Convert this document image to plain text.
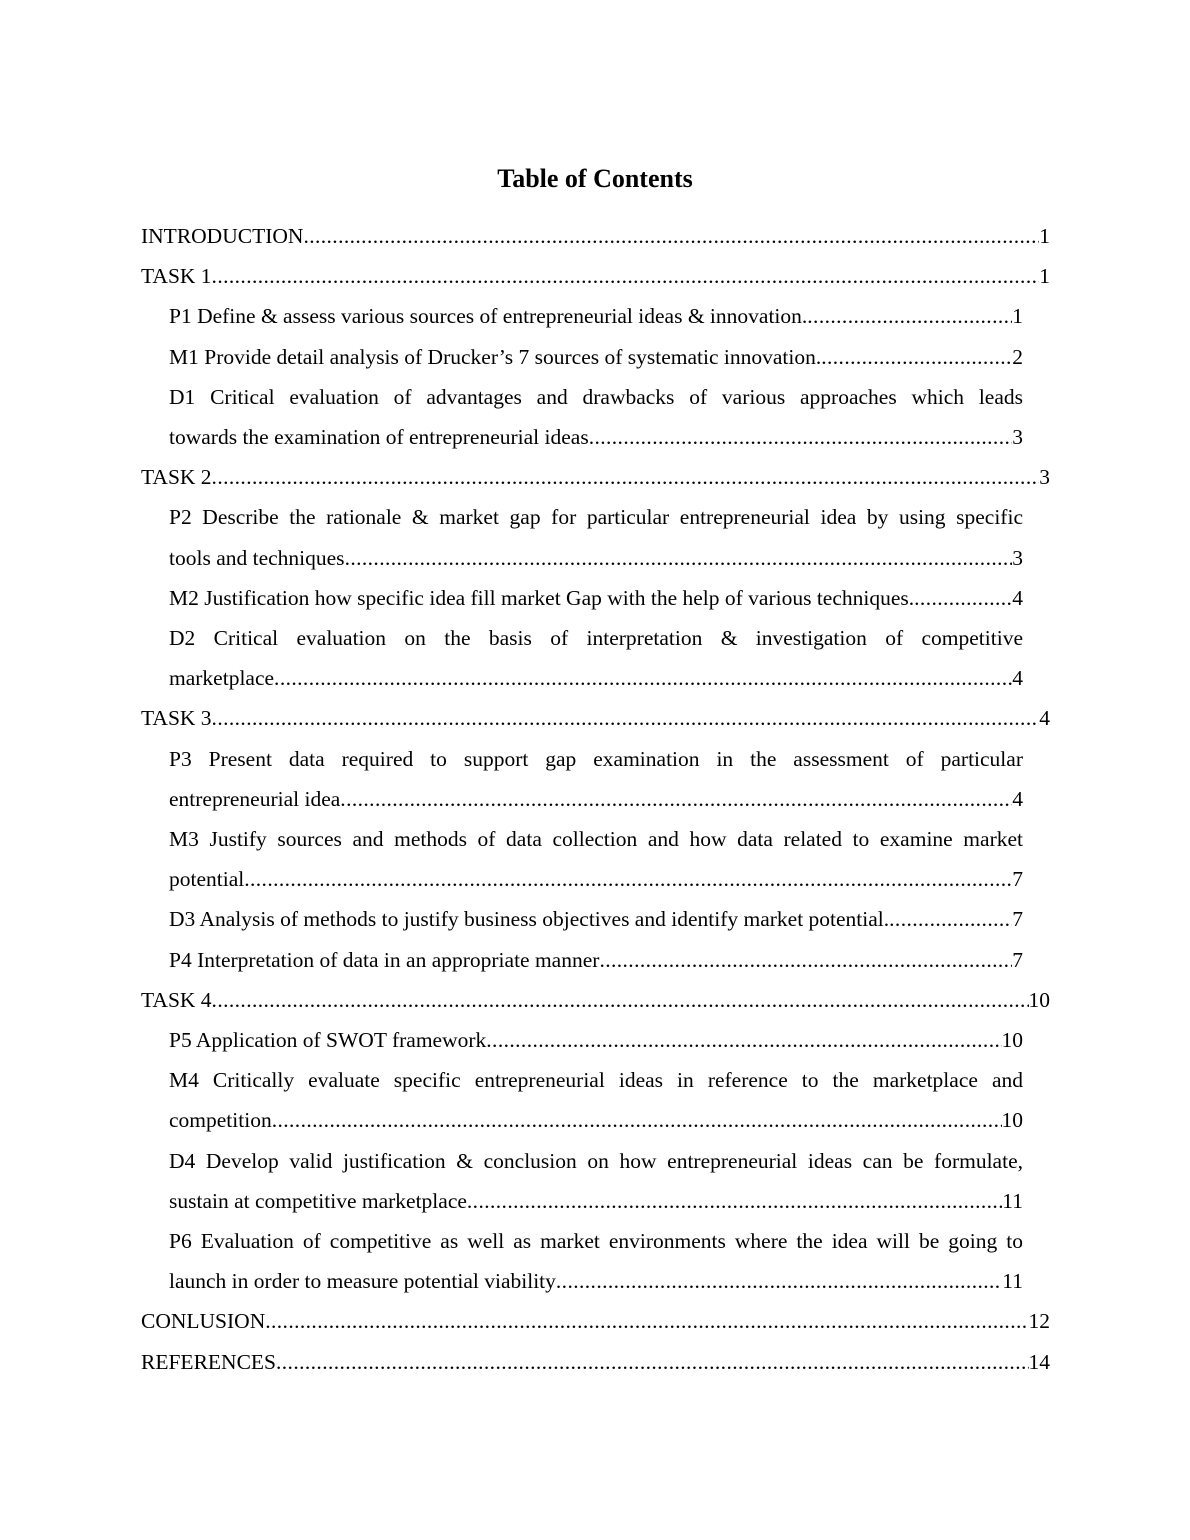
Table of Contents
INTRODUCTION .....	1
TASK 1 .....	1
P1 Define & assess various sources of entrepreneurial ideas & innovation. .....	1
M1 Provide detail analysis of Drucker’s 7 sources of systematic innovation. .....	2
D1 Critical evaluation of advantages and drawbacks of various approaches which leads
towards the examination of entrepreneurial ideas .....	3
TASK 2 .....	3
P2 Describe the rationale & market gap for particular entrepreneurial idea by using specific
tools and techniques .....	3
M2 Justification how specific idea fill market Gap with the help of various techniques. .....	4
D2 Critical evaluation on the basis of interpretation & investigation of competitive
marketplace .....	4
TASK 3 .....	4
P3 Present data required to support gap examination in the assessment of particular
entrepreneurial idea .....	4
M3 Justify sources and methods of data collection and how data related to examine market
potential .....	7
D3 Analysis of methods to justify business objectives and identify market potential. .....	7
P4 Interpretation of data in an appropriate manner .....	7
TASK 4 .....	10
P5 Application of SWOT framework .....	10
M4 Critically evaluate specific entrepreneurial ideas in reference to the marketplace and
competition .....	10
D4 Develop valid justification & conclusion on how entrepreneurial ideas can be formulate,
sustain at competitive marketplace .....	11
P6 Evaluation of competitive as well as market environments where the idea will be going to
launch in order to measure potential viability .....	11
CONLUSION .....	12
REFERENCES .....	14
